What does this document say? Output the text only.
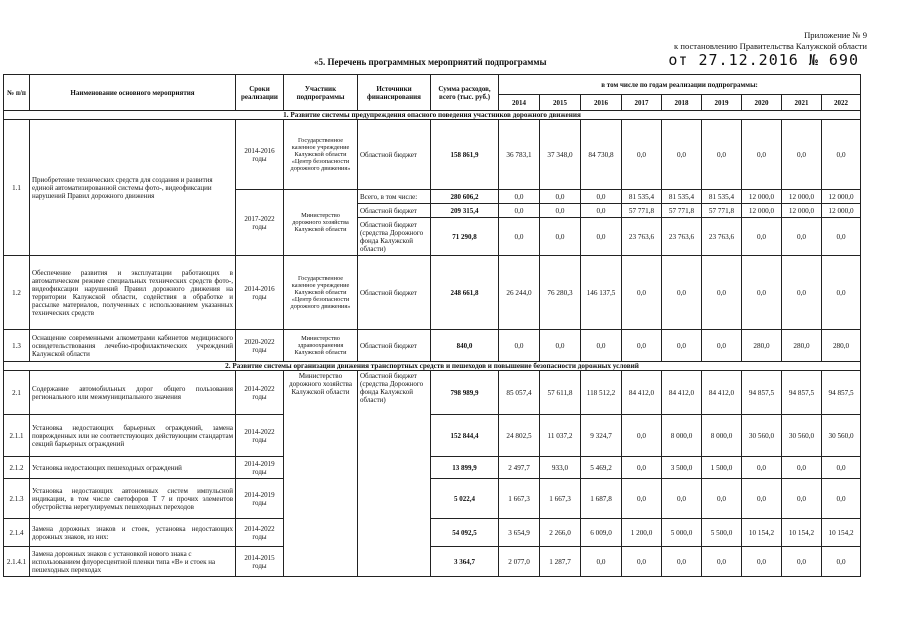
Приложение № 9
к постановлению Правительства Калужской области
от 27.12.2016 № 690
«5. Перечень программных мероприятий подпрограммы
№ п/п	Наименование основного мероприятия	Сроки реализации	Участник подпрограммы	Источники финансирования	Сумма расходов, всего (тыс. руб.)	в том числе по годам реализации подпрограммы:								
						2014	2015	2016	2017	2018	2019	2020	2021	2022
1. Развитие системы предупреждения опасного поведения участников дорожного движения														
1.1	Приобретение технических средств для создания и развития единой автоматизированной системы фото-, видеофиксации нарушений Правил дорожного движения	2014-2016 годы	Государственное казенное учреждение Калужской области «Центр безопасности дорожного движения»	Областной бюджет	158 861,9	36 783,1	37 348,0	84 730,8	0,0	0,0	0,0	0,0	0,0	0,0
		2017-2022 годы	Министерство дорожного хозяйства Калужской области	Всего, в том числе:	280 606,2	0,0	0,0	0,0	81 535,4	81 535,4	81 535,4	12 000,0	12 000,0	12 000,0
				Областной бюджет	209 315,4	0,0	0,0	0,0	57 771,8	57 771,8	57 771,8	12 000,0	12 000,0	12 000,0
				Областной бюджет (средства Дорожного фонда Калужской области)	71 290,8	0,0	0,0	0,0	23 763,6	23 763,6	23 763,6	0,0	0,0	0,0
1.2	Обеспечение развития и эксплуатации работающих в автоматическом режиме специальных технических средств фото-, видеофиксации нарушений Правил дорожного движения на территории Калужской области, содействия в обработке и рассылке материалов, полученных с использованием указанных технических средств	2014-2016 годы	Государственное казенное учреждение Калужской области «Центр безопасности дорожного движения»	Областной бюджет	248 661,8	26 244,0	76 280,3	146 137,5	0,0	0,0	0,0	0,0	0,0	0,0
1.3	Оснащение современными алкометрами кабинетов медицинского освидетельствования лечебно-профилактических учреждений Калужской области	2020-2022 годы	Министерство здравоохранения Калужской области	Областной бюджет	840,0	0,0	0,0	0,0	0,0	0,0	0,0	280,0	280,0	280,0
2. Развитие системы организации движения транспортных средств и пешеходов и повышение безопасности дорожных условий														
2.1	Содержание автомобильных дорог общего пользования регионального или межмуниципального значения	2014-2022 годы	Министерство дорожного хозяйства Калужской области	Областной бюджет (средства Дорожного фонда Калужской области)	798 989,9	85 057,4	57 611,8	118 512,2	84 412,0	84 412,0	84 412,0	94 857,5	94 857,5	94 857,5
2.1.1	Установка недостающих барьерных ограждений, замена поврежденных или не соответствующих действующим стандартам секций барьерных ограждений	2014-2022 годы			152 844,4	24 802,5	11 037,2	9 324,7	0,0	8 000,0	8 000,0	30 560,0	30 560,0	30 560,0
2.1.2	Установка недостающих пешеходных ограждений	2014-2019 годы			13 899,9	2 497,7	933,0	5 469,2	0,0	3 500,0	1 500,0	0,0	0,0	0,0
2.1.3	Установка недостающих автономных систем импульсной индикации, в том числе светофоров Т 7 и прочих элементов обустройства нерегулируемых пешеходных переходов	2014-2019 годы			5 022,4	1 667,3	1 667,3	1 687,8	0,0	0,0	0,0	0,0	0,0	0,0
2.1.4	Замена дорожных знаков и стоек, установка недостающих дорожных знаков, из них:	2014-2022 годы			54 092,5	3 654,9	2 266,0	6 009,0	1 200,0	5 000,0	5 500,0	10 154,2	10 154,2	10 154,2
2.1.4.1	Замена дорожных знаков с установкой нового знака с использованием флуоресцентной пленки типа «В» и стоек на пешеходных переходах	2014-2015 годы			3 364,7	2 077,0	1 287,7	0,0	0,0	0,0	0,0	0,0	0,0	0,0
